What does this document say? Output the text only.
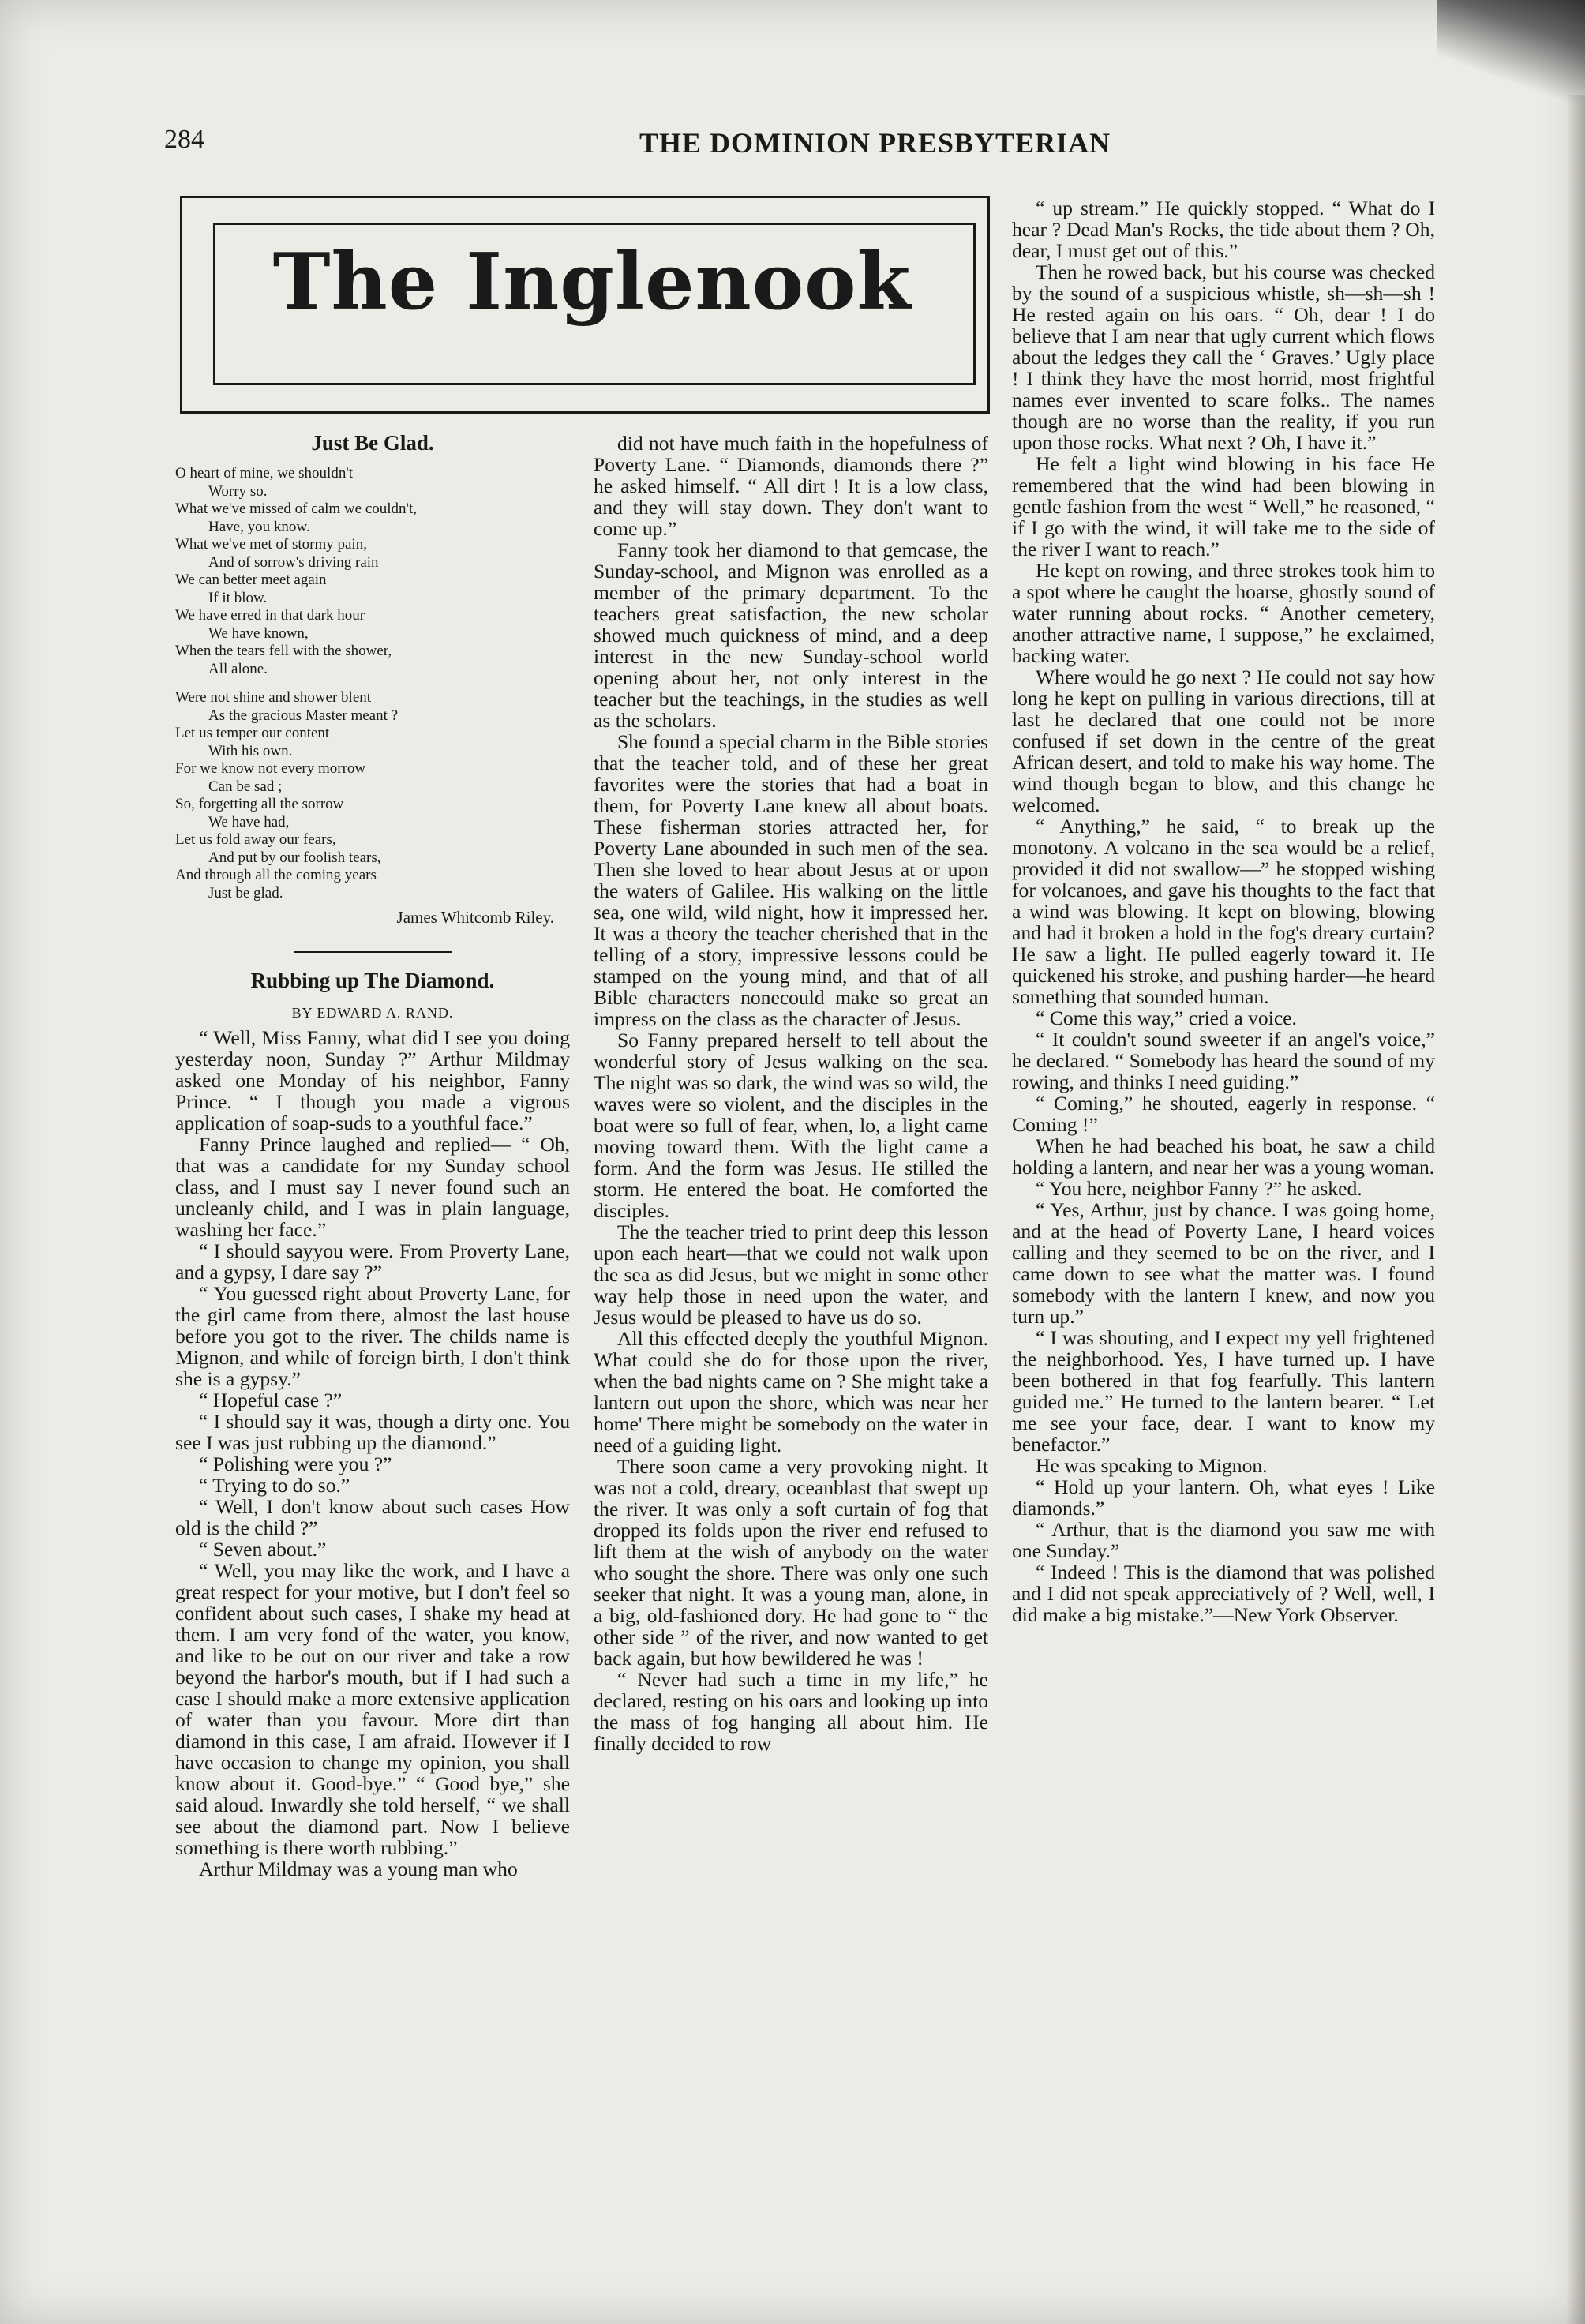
284	THE DOMINION PRESBYTERIAN
The Inglenook
Just Be Glad.
O heart of mine, we shouldn't
Worry so.
What we've missed of calm we couldn't,
Have, you know.
What we've met of stormy pain,
And of sorrow's driving rain
We can better meet again
If it blow.
We have erred in that dark hour
We have known,
When the tears fell with the shower,
All alone.
Were not shine and shower blent
As the gracious Master meant ?
Let us temper our content
With his own.
For we know not every morrow
Can be sad ;
So, forgetting all the sorrow
We have had,
Let us fold away our fears,
And put by our foolish tears,
And through all the coming years
Just be glad.
James Whitcomb Riley.
Rubbing up The Diamond.
BY EDWARD A. RAND.

“ Well, Miss Fanny, what did I see you doing yesterday noon, Sunday ?” Arthur Mildmay asked one Monday of his neighbor, Fanny Prince. “ I though you made a vigrous application of soap-suds to a youthful face.”

Fanny Prince laughed and replied— “ Oh, that was a candidate for my Sunday school class, and I must say I never found such an uncleanly child, and I was in plain language, washing her face.”

“ I should sayyou were. From Proverty Lane, and a gypsy, I dare say ?”

“ You guessed right about Proverty Lane, for the girl came from there, almost the last house before you got to the river. The childs name is Mignon, and while of foreign birth, I don't think she is a gypsy.”

“ Hopeful case ?”

“ I should say it was, though a dirty one. You see I was just rubbing up the diamond.”

“ Polishing were you ?”

“ Trying to do so.”

“ Well, I don't know about such cases How old is the child ?”

“ Seven about.”

“ Well, you may like the work, and I have a great respect for your motive, but I don't feel so confident about such cases, I shake my head at them. I am very fond of the water, you know, and like to be out on our river and take a row beyond the harbor's mouth, but if I had such a case I should make a more extensive application of water than you favour. More dirt than diamond in this case, I am afraid. However if I have occasion to change my opinion, you shall know about it. Good-bye.” “ Good bye,” she said aloud. Inwardly she told herself, “ we shall see about the diamond part. Now I believe something is there worth rubbing.”

Arthur Mildmay was a young man who

did not have much faith in the hopefulness of Poverty Lane. “ Diamonds, diamonds there ?” he asked himself. “ All dirt ! It is a low class, and they will stay down. They don't want to come up.”

Fanny took her diamond to that gemcase, the Sunday-school, and Mignon was enrolled as a member of the primary department. To the teachers great satisfaction, the new scholar showed much quickness of mind, and a deep interest in the new Sunday-school world opening about her, not only interest in the teacher but the teachings, in the studies as well as the scholars.

She found a special charm in the Bible stories that the teacher told, and of these her great favorites were the stories that had a boat in them, for Poverty Lane knew all about boats. These fisherman stories attracted her, for Poverty Lane abounded in such men of the sea. Then she loved to hear about Jesus at or upon the waters of Galilee. His walking on the little sea, one wild, wild night, how it impressed her. It was a theory the teacher cherished that in the telling of a story, impressive lessons could be stamped on the young mind, and that of all Bible characters nonecould make so great an impress on the class as the character of Jesus.

So Fanny prepared herself to tell about the wonderful story of Jesus walking on the sea. The night was so dark, the wind was so wild, the waves were so violent, and the disciples in the boat were so full of fear, when, lo, a light came moving toward them. With the light came a form. And the form was Jesus. He stilled the storm. He entered the boat. He comforted the disciples.

The the teacher tried to print deep this lesson upon each heart—that we could not walk upon the sea as did Jesus, but we might in some other way help those in need upon the water, and Jesus would be pleased to have us do so.

All this effected deeply the youthful Mignon. What could she do for those upon the river, when the bad nights came on ? She might take a lantern out upon the shore, which was near her home' There might be somebody on the water in need of a guiding light.

There soon came a very provoking night. It was not a cold, dreary, oceanblast that swept up the river. It was only a soft curtain of fog that dropped its folds upon the river end refused to lift them at the wish of anybody on the water who sought the shore. There was only one such seeker that night. It was a young man, alone, in a big, old-fashioned dory. He had gone to “ the other side ” of the river, and now wanted to get back again, but how bewildered he was !

“ Never had such a time in my life,” he declared, resting on his oars and looking up into the mass of fog hanging all about him. He finally decided to row

“ up stream.” He quickly stopped. “ What do I hear ? Dead Man's Rocks, the tide about them ? Oh, dear, I must get out of this.”

Then he rowed back, but his course was checked by the sound of a suspicious whistle, sh—sh—sh ! He rested again on his oars. “ Oh, dear ! I do believe that I am near that ugly current which flows about the ledges they call the ‘ Graves.’ Ugly place ! I think they have the most horrid, most frightful names ever invented to scare folks.. The names though are no worse than the reality, if you run upon those rocks. What next ? Oh, I have it.”

He felt a light wind blowing in his face He remembered that the wind had been blowing in gentle fashion from the west “ Well,” he reasoned, “ if I go with the wind, it will take me to the side of the river I want to reach.”

He kept on rowing, and three strokes took him to a spot where he caught the hoarse, ghostly sound of water running about rocks. “ Another cemetery, another attractive name, I suppose,” he exclaimed, backing water.

Where would he go next ? He could not say how long he kept on pulling in various directions, till at last he declared that one could not be more confused if set down in the centre of the great African desert, and told to make his way home. The wind though began to blow, and this change he welcomed.

“ Anything,” he said, “ to break up the monotony. A volcano in the sea would be a relief, provided it did not swallow—” he stopped wishing for volcanoes, and gave his thoughts to the fact that a wind was blowing. It kept on blowing, blowing and had it broken a hold in the fog's dreary curtain? He saw a light. He pulled eagerly toward it. He quickened his stroke, and pushing harder—he heard something that sounded human.

“ Come this way,” cried a voice.

“ It couldn't sound sweeter if an angel's voice,” he declared. “ Somebody has heard the sound of my rowing, and thinks I need guiding.”

“ Coming,” he shouted, eagerly in response. “ Coming !”

When he had beached his boat, he saw a child holding a lantern, and near her was a young woman.

“ You here, neighbor Fanny ?” he asked.

“ Yes, Arthur, just by chance. I was going home, and at the head of Poverty Lane, I heard voices calling and they seemed to be on the river, and I came down to see what the matter was. I found somebody with the lantern I knew, and now you turn up.”

“ I was shouting, and I expect my yell frightened the neighborhood. Yes, I have turned up. I have been bothered in that fog fearfully. This lantern guided me.” He turned to the lantern bearer. “ Let me see your face, dear. I want to know my benefactor.”

He was speaking to Mignon.

“ Hold up your lantern. Oh, what eyes ! Like diamonds.”

“ Arthur, that is the diamond you saw me with one Sunday.”

“ Indeed ! This is the diamond that was polished and I did not speak appreciatively of ? Well, well, I did make a big mistake.”—New York Observer.
